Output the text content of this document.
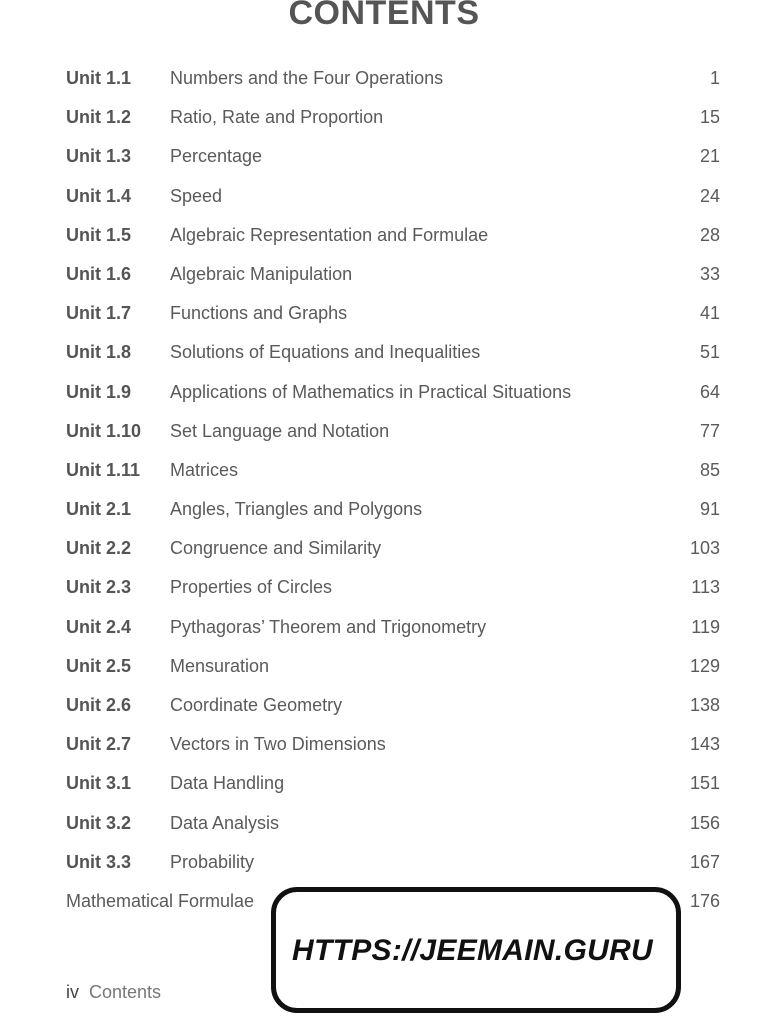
CONTENTS
Unit 1.1 Numbers and the Four Operations	1
Unit 1.2 Ratio, Rate and Proportion	15
Unit 1.3 Percentage	21
Unit 1.4 Speed	24
Unit 1.5 Algebraic Representation and Formulae	28
Unit 1.6 Algebraic Manipulation	33
Unit 1.7 Functions and Graphs	41
Unit 1.8 Solutions of Equations and Inequalities	51
Unit 1.9 Applications of Mathematics in Practical Situations	64
Unit 1.10 Set Language and Notation	77
Unit 1.11 Matrices	85
Unit 2.1 Angles, Triangles and Polygons	91
Unit 2.2 Congruence and Similarity	103
Unit 2.3 Properties of Circles	113
Unit 2.4 Pythagoras’ Theorem and Trigonometry	119
Unit 2.5 Mensuration	129
Unit 2.6 Coordinate Geometry	138
Unit 2.7 Vectors in Two Dimensions	143
Unit 3.1 Data Handling	151
Unit 3.2 Data Analysis	156
Unit 3.3 Probability	167
Mathematical Formulae	176
iv Contents
HTTPS://JEEMAIN.GURU
